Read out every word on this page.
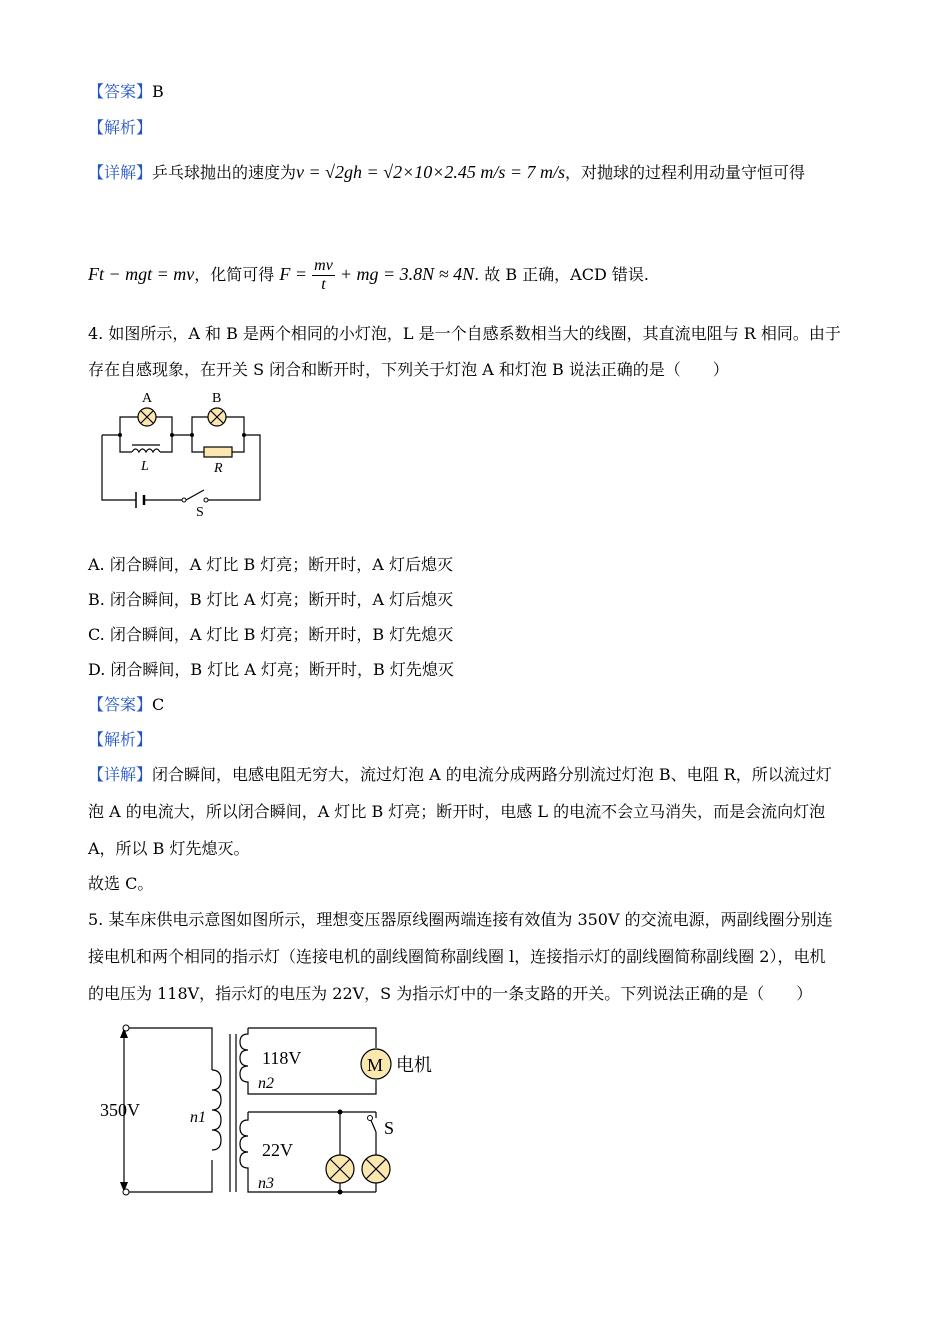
【答案】B
【解析】
【详解】乒乓球抛出的速度为v = √2gh = √2×10×2.45 m/s = 7 m/s，对抛球的过程利用动量守恒可得
Ft − mgt = mv，化简可得 $F = \frac{mv}{t}$ + mg = 3.8N ≈ 4N. 故 B 正确，ACD 错误.
4. 如图所示，A 和 B 是两个相同的小灯泡，L 是一个自感系数相当大的线圈，其直流电阻与 R 相同。由于
存在自感现象，在开关 S 闭合和断开时，下列关于灯泡 A 和灯泡 B 说法正确的是（　　）
A	B
L	R
S
A. 闭合瞬间，A 灯比 B 灯亮；断开时，A 灯后熄灭
B. 闭合瞬间，B 灯比 A 灯亮；断开时，A 灯后熄灭
C. 闭合瞬间，A 灯比 B 灯亮；断开时，B 灯先熄灭
D. 闭合瞬间，B 灯比 A 灯亮；断开时，B 灯先熄灭
【答案】C
【解析】
【详解】闭合瞬间，电感电阻无穷大，流过灯泡 A 的电流分成两路分别流过灯泡 B、电阻 R，所以流过灯
泡 A 的电流大，所以闭合瞬间，A 灯比 B 灯亮；断开时，电感 L 的电流不会立马消失，而是会流向灯泡
A，所以 B 灯先熄灭。
故选 C。
5. 某车床供电示意图如图所示，理想变压器原线圈两端连接有效值为 350V 的交流电源，两副线圈分别连
接电机和两个相同的指示灯（连接电机的副线圈简称副线圈 l，连接指示灯的副线圈简称副线圈 2），电机
的电压为 118V，指示灯的电压为 22V，S 为指示灯中的一条支路的开关。下列说法正确的是（　　）
M 电机
350V	n1
118V
n2
22V
n3
S
